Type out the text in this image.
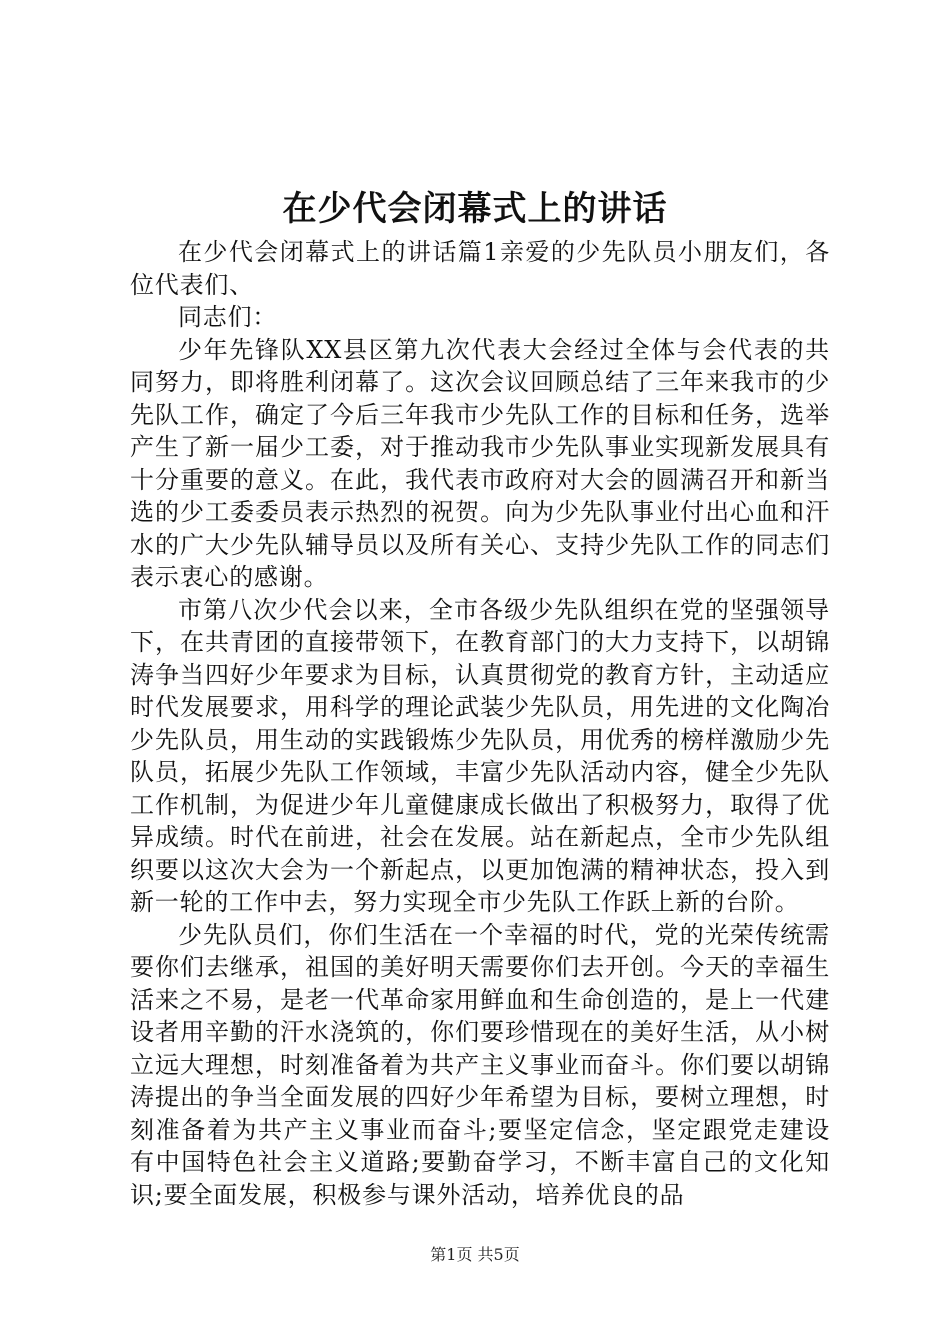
在少代会闭幕式上的讲话

在少代会闭幕式上的讲话篇1亲爱的少先队员小朋友们，各位代表们、

同志们：

少年先锋队XX县区第九次代表大会经过全体与会代表的共同努力，即将胜利闭幕了。这次会议回顾总结了三年来我市的少先队工作，确定了今后三年我市少先队工作的目标和任务，选举产生了新一届少工委，对于推动我市少先队事业实现新发展具有十分重要的意义。在此，我代表市政府对大会的圆满召开和新当选的少工委委员表示热烈的祝贺。向为少先队事业付出心血和汗水的广大少先队辅导员以及所有关心、支持少先队工作的同志们表示衷心的感谢。

市第八次少代会以来，全市各级少先队组织在党的坚强领导下，在共青团的直接带领下，在教育部门的大力支持下，以胡锦涛争当四好少年要求为目标，认真贯彻党的教育方针，主动适应时代发展要求，用科学的理论武装少先队员，用先进的文化陶冶少先队员，用生动的实践锻炼少先队员，用优秀的榜样激励少先队员，拓展少先队工作领域，丰富少先队活动内容，健全少先队工作机制，为促进少年儿童健康成长做出了积极努力，取得了优异成绩。时代在前进，社会在发展。站在新起点，全市少先队组织要以这次大会为一个新起点，以更加饱满的精神状态，投入到新一轮的工作中去，努力实现全市少先队工作跃上新的台阶。

少先队员们，你们生活在一个幸福的时代，党的光荣传统需要你们去继承，祖国的美好明天需要你们去开创。今天的幸福生活来之不易，是老一代革命家用鲜血和生命创造的，是上一代建设者用辛勤的汗水浇筑的，你们要珍惜现在的美好生活，从小树立远大理想，时刻准备着为共产主义事业而奋斗。你们要以胡锦涛提出的争当全面发展的四好少年希望为目标，要树立理想，时刻准备着为共产主义事业而奋斗;要坚定信念，坚定跟党走建设有中国特色社会主义道路;要勤奋学习，不断丰富自己的文化知识;要全面发展，积极参与课外活动，培养优良的品

第1页 共5页
